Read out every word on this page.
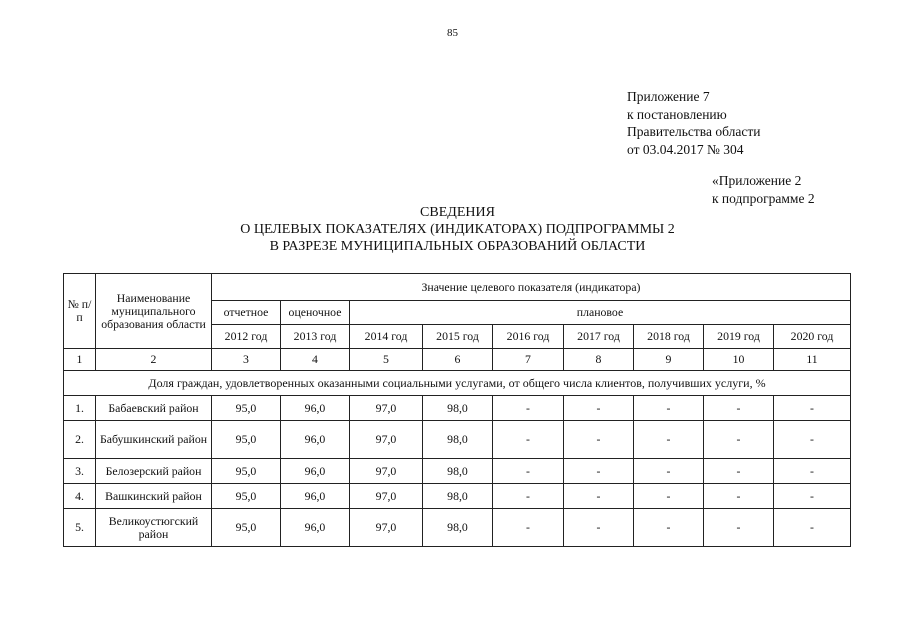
85
Приложение 7
к постановлению
Правительства области
от 03.04.2017 № 304
«Приложение 2
к подпрограмме 2
СВЕДЕНИЯ
О ЦЕЛЕВЫХ ПОКАЗАТЕЛЯХ (ИНДИКАТОРАХ) ПОДПРОГРАММЫ 2
В РАЗРЕЗЕ МУНИЦИПАЛЬНЫХ ОБРАЗОВАНИЙ ОБЛАСТИ
№ п/п	Наименование муниципального образования области	Значение целевого показателя (индикатора)								
		отчетное	оценочное	плановое						
		2012 год	2013 год	2014 год	2015 год	2016 год	2017 год	2018 год	2019 год	2020 год
1	2	3	4	5	6	7	8	9	10	11
Доля граждан, удовлетворенных оказанными социальными услугами, от общего числа клиентов, получивших услуги, %										
1.	Бабаевский район	95,0	96,0	97,0	98,0	-	-	-	-	-
2.	Бабушкинский район	95,0	96,0	97,0	98,0	-	-	-	-	-
3.	Белозерский район	95,0	96,0	97,0	98,0	-	-	-	-	-
4.	Вашкинский район	95,0	96,0	97,0	98,0	-	-	-	-	-
5.	Великоустюгский район	95,0	96,0	97,0	98,0	-	-	-	-	-
